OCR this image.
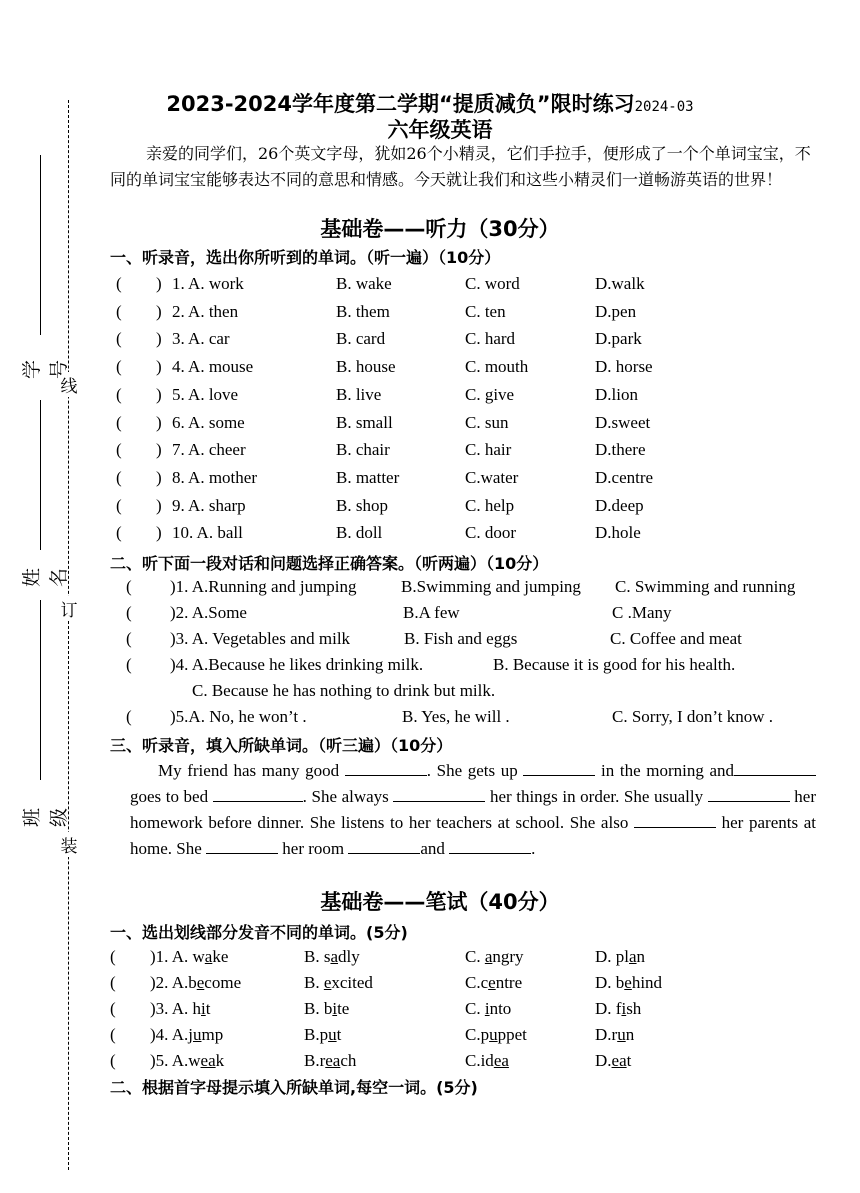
线
订
装
学号
姓名
班级
2023-2024学年度第二学期“提质减负”限时练习2024-03
六年级英语
亲爱的同学们，26个英文字母，犹如26个小精灵，它们手拉手，便形成了一个个单词宝宝，不同的单词宝宝能够表达不同的意思和情感。今天就让我们和这些小精灵们一道畅游英语的世界！
基础卷——听力（30分）
一、听录音，选出你所听到的单词。（听一遍）（10分）
( ) 1. A. work	B. wake	C. word	D.walk
( ) 2. A. then	B. them	C. ten	D.pen
( ) 3. A. car	B. card	C. hard	D.park
( ) 4. A. mouse	B. house	C. mouth	D. horse
( ) 5. A. love	B. live	C. give	D.lion
( ) 6. A. some	B. small	C. sun	D.sweet
( ) 7. A. cheer	B. chair	C. hair	D.there
( ) 8. A. mother	B. matter	C.water	D.centre
( ) 9. A. sharp	B. shop	C. help	D.deep
( ) 10. A. ball	B. doll	C. door	D.hole
二、听下面一段对话和问题选择正确答案。（听两遍）（10分）
( )1. A.Running and jumping	B.Swimming and jumping C. Swimming and running
( )2. A.Some	B.A few	C .Many
( )3. A. Vegetables and milk	B. Fish and eggs	C. Coffee and meat
( )4. A.Because he likes drinking milk.	B. Because it is good for his health.
C. Because he has nothing to drink but milk.
( )5.A. No, he won’t .	B. Yes, he will .	C. Sorry, I don’t know .
三、听录音，填入所缺单词。（听三遍）（10分）
My friend has many good	. She gets up	in the morning and goes to bed	. She always	her things in order. She usually	her homework before dinner. She listens to her teachers at school. She also	her parents at home. She	her room	and	.
基础卷——笔试（40分）
一、选出划线部分发音不同的单词。(5分)
( )1. A. wake	B. sadly	C. angry	D. plan
( )2. A.become	B. excited	C.centre	D. behind
( )3. A. hit	B. bite	C. into	D. fish
( )4. A.jump	B.put	C.puppet	D.run
( )5. A.weak	B.reach	C.idea	D.eat
二、根据首字母提示填入所缺单词,每空一词。(5分)
